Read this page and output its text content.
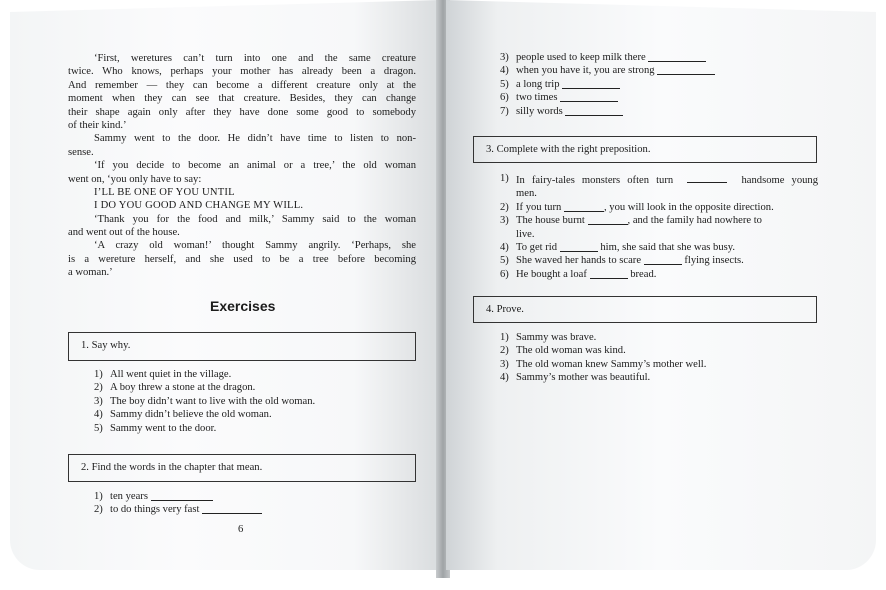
‘First, weretures can’t turn into one and the same creature
twice. Who knows, perhaps your mother has already been a dragon.
And remember — they can become a different creature only at the
moment when they can see that creature. Besides, they can change
their shape again only after they have done some good to somebody
of their kind.’
Sammy went to the door. He didn’t have time to listen to non-
sense.
‘If you decide to become an animal or a tree,’ the old woman
went on, ‘you only have to say:
I’LL BE ONE OF YOU UNTIL
I DO YOU GOOD AND CHANGE MY WILL.
‘Thank you for the food and milk,’ Sammy said to the woman
and went out of the house.
‘A crazy old woman!’ thought Sammy angrily. ‘Perhaps, she
is a wereture herself, and she used to be a tree before becoming
a woman.’
Exercises
1. Say why.
1) All went quiet in the village.
2) A boy threw a stone at the dragon.
3) The boy didn’t want to live with the old woman.
4) Sammy didn’t believe the old woman.
5) Sammy went to the door.
2. Find the words in the chapter that mean.
1) ten years

2) to do things very fast

6
3) people used to keep milk there

4) when you have it, you are strong

5) a long trip

6) two times

7) silly words

3. Complete with the right preposition.
1) In fairy-tales monsters often turn	handsome young
men.
2) If you turn
	, you will look in the opposite direction.
3) The house burnt
	, and the family had nowhere to
live.
4) To get rid

	him, she said that she was busy.
5) She waved her hands to scare

	flying insects.
6) He bought a loaf

	bread.
4. Prove.
1) Sammy was brave.
2) The old woman was kind.
3) The old woman knew Sammy’s mother well.
4) Sammy’s mother was beautiful.
